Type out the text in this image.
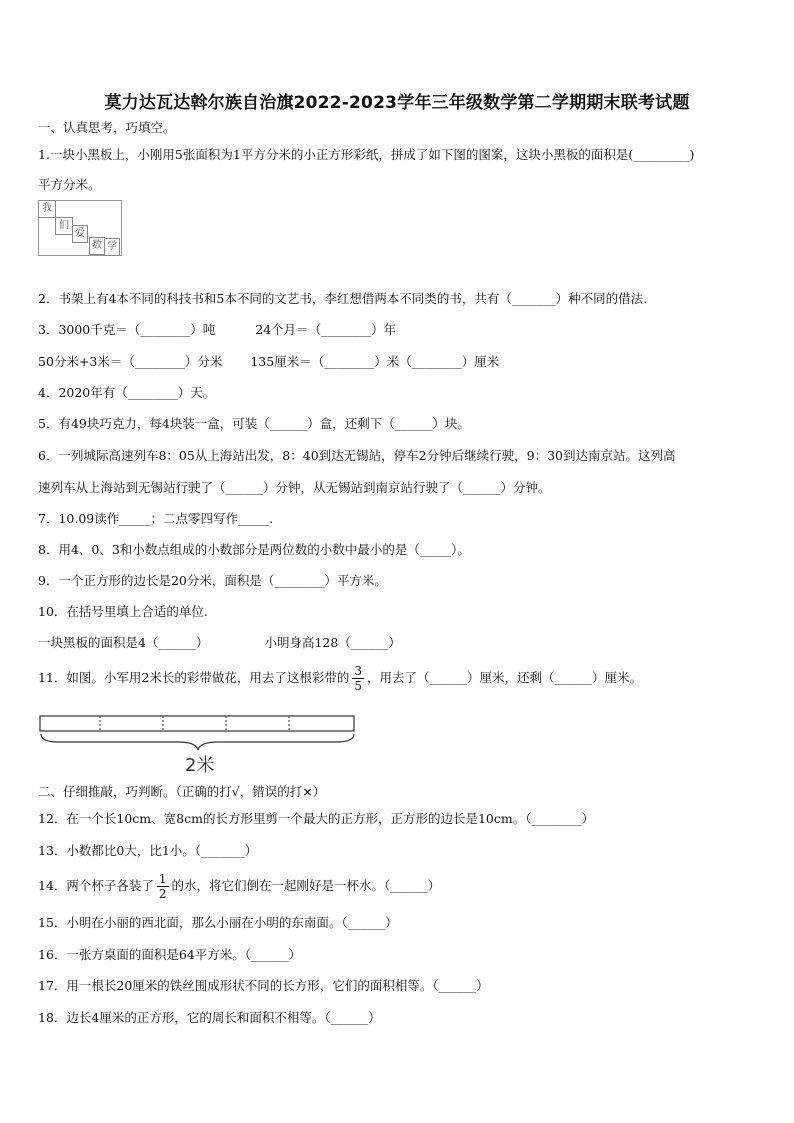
莫力达瓦达斡尔族自治旗2022-2023学年三年级数学第二学期期末联考试题
一、认真思考，巧填空。
1.一块小黑板上，小刚用5张面积为1平方分米的小正方形彩纸，拼成了如下图的图案，这块小黑板的面积是(_________)
平方分米。
我
们
爱
数 学
2．书架上有4本不同的科技书和5本不同的文艺书，李红想借两本不同类的书，共有（_______）种不同的借法.
3．3000千克＝（________）吨	24个月＝（________）年
50分米+3米＝（________）分米 135厘米＝（________）米（________）厘米
4．2020年有（________）天。
5．有49块巧克力，每4块装一盒，可装（______）盒，还剩下（______）块。
6．一列城际高速列车8：05从上海站出发，8：40到达无锡站，停车2分钟后继续行驶，9：30到达南京站。这列高
速列车从上海站到无锡站行驶了（______）分钟，从无锡站到南京站行驶了（______）分钟。
7．10.09读作_____；二点零四写作_____.
8．用4、0、3和小数点组成的小数部分是两位数的小数中最小的是（_____）。
9．一个正方形的边长是20分米，面积是（________）平方米。
10．在括号里填上合适的单位.
一块黑板的面积是4（______）	小明身高128（______）
11．如图。小军用2米长的彩带做花，用去了这根彩带的 $\frac{3}{5}$ ，用去了（______）厘米，还剩（______）厘米。
2米
二、仔细推敲，巧判断。（正确的打√，错误的打×）
12．在一个长10cm、宽8cm的长方形里剪一个最大的正方形，正方形的边长是10cm。（________）
13．小数都比0大，比1小。（_______）
14．两个杯子各装了 $\frac{1}{2}$ 的水，将它们倒在一起刚好是一杯水。（______）
15．小明在小丽的西北面，那么小丽在小明的东南面。（______）
16．一张方桌面的面积是64平方米。（______）
17．用一根长20厘米的铁丝围成形状不同的长方形，它们的面积相等。（______）
18．边长4厘米的正方形，它的周长和面积不相等。（______）
